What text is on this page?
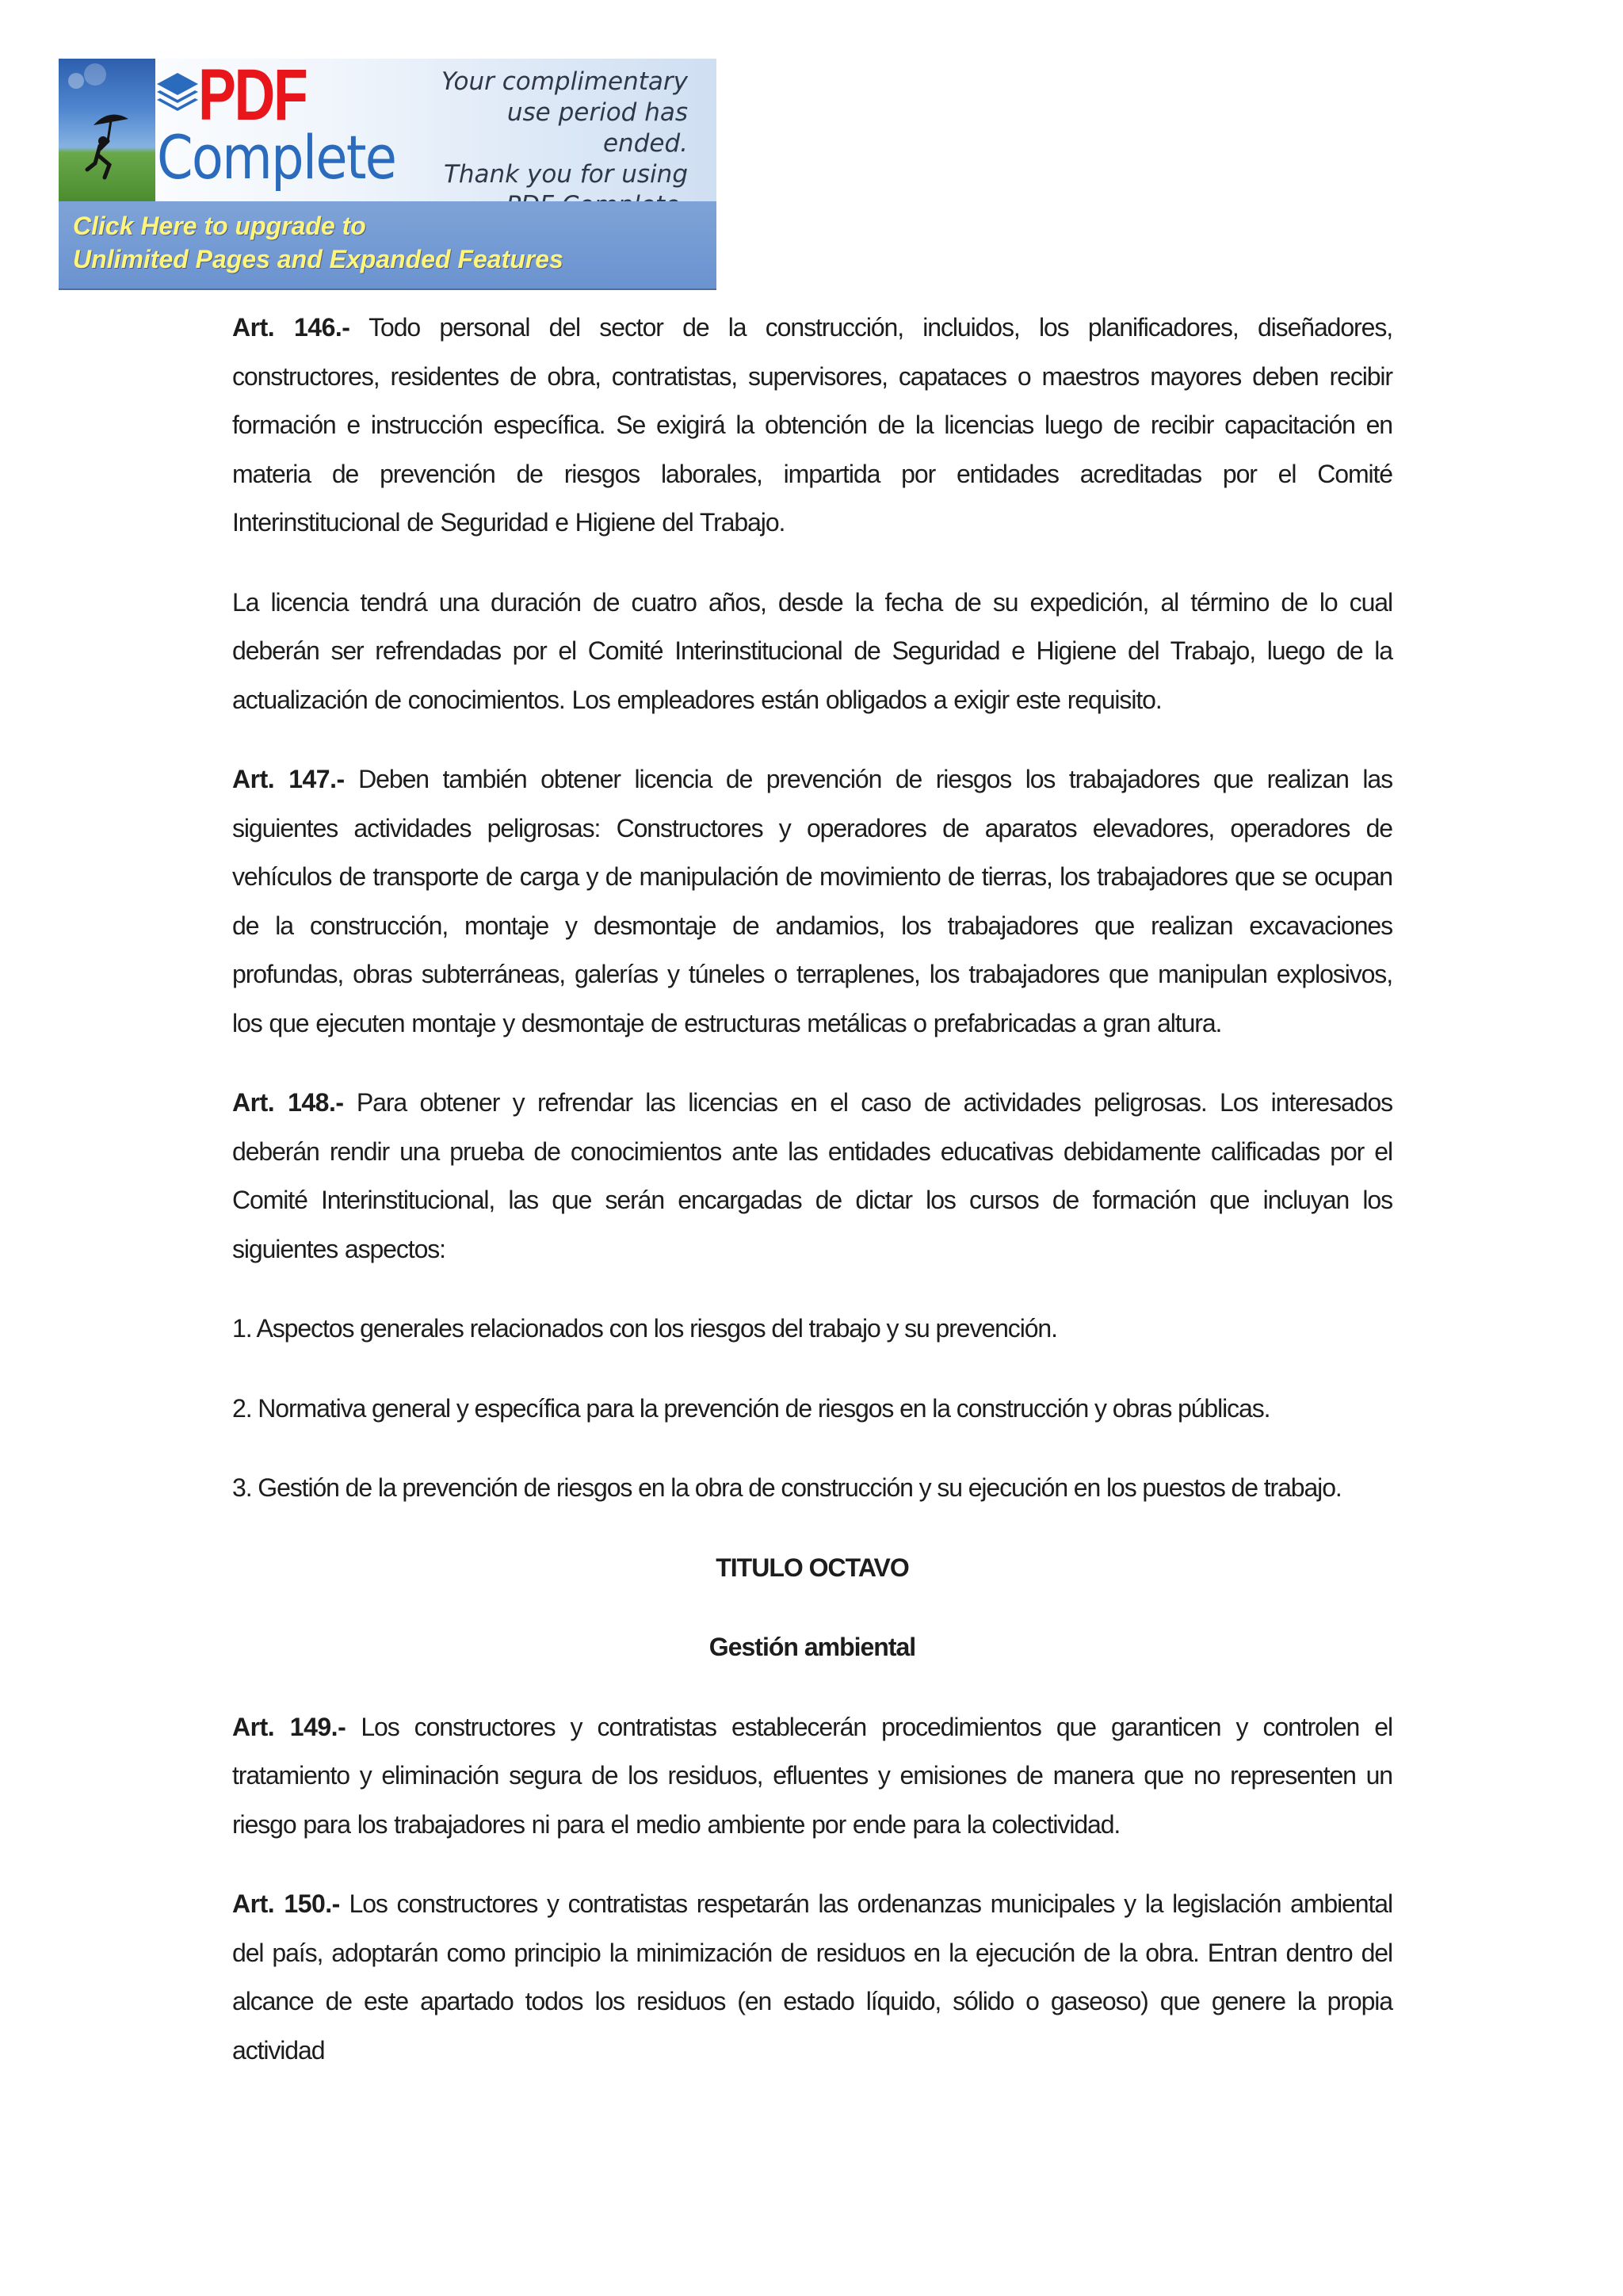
PDF
Complete
Your complimentary
use period has ended.
Thank you for using
Click Here to upgrade to
Unlimited Pages and Expanded Features

Art. 146.- Todo personal del sector de la construcción, incluidos, los planificadores, diseñadores, constructores, residentes de obra, contratistas, supervisores, capataces o maestros mayores deben recibir formación e instrucción específica. Se exigirá la obtención de la licencias luego de recibir capacitación en materia de prevención de riesgos laborales, impartida por entidades acreditadas por el Comité Interinstitucional de Seguridad e Higiene del Trabajo.

La licencia tendrá una duración de cuatro años, desde la fecha de su expedición, al término de lo cual deberán ser refrendadas por el Comité Interinstitucional de Seguridad e Higiene del Trabajo, luego de la actualización de conocimientos. Los empleadores están obligados a exigir este requisito.

Art. 147.- Deben también obtener licencia de prevención de riesgos los trabajadores que realizan las siguientes actividades peligrosas: Constructores y operadores de aparatos elevadores, operadores de vehículos de transporte de carga y de manipulación de movimiento de tierras, los trabajadores que se ocupan de la construcción, montaje y desmontaje de andamios, los trabajadores que realizan excavaciones profundas, obras subterráneas, galerías y túneles o terraplenes, los trabajadores que manipulan explosivos, los que ejecuten montaje y desmontaje de estructuras metálicas o prefabricadas a gran altura.

Art. 148.- Para obtener y refrendar las licencias en el caso de actividades peligrosas. Los interesados deberán rendir una prueba de conocimientos ante las entidades educativas debidamente calificadas por el Comité Interinstitucional, las que serán encargadas de dictar los cursos de formación que incluyan los siguientes aspectos:

1. Aspectos generales relacionados con los riesgos del trabajo y su prevención.

2. Normativa general y específica para la prevención de riesgos en la construcción y obras públicas.

3. Gestión de la prevención de riesgos en la obra de construcción y su ejecución en los puestos de trabajo.

TITULO OCTAVO

Gestión ambiental

Art. 149.- Los constructores y contratistas establecerán procedimientos que garanticen y controlen el tratamiento y eliminación segura de los residuos, efluentes y emisiones de manera que no representen un riesgo para los trabajadores ni para el medio ambiente por ende para la colectividad.

Art. 150.- Los constructores y contratistas respetarán las ordenanzas municipales y la legislación ambiental del país, adoptarán como principio la minimización de residuos en la ejecución de la obra. Entran dentro del alcance de este apartado todos los residuos (en estado líquido, sólido o gaseoso) que genere la propia actividad
